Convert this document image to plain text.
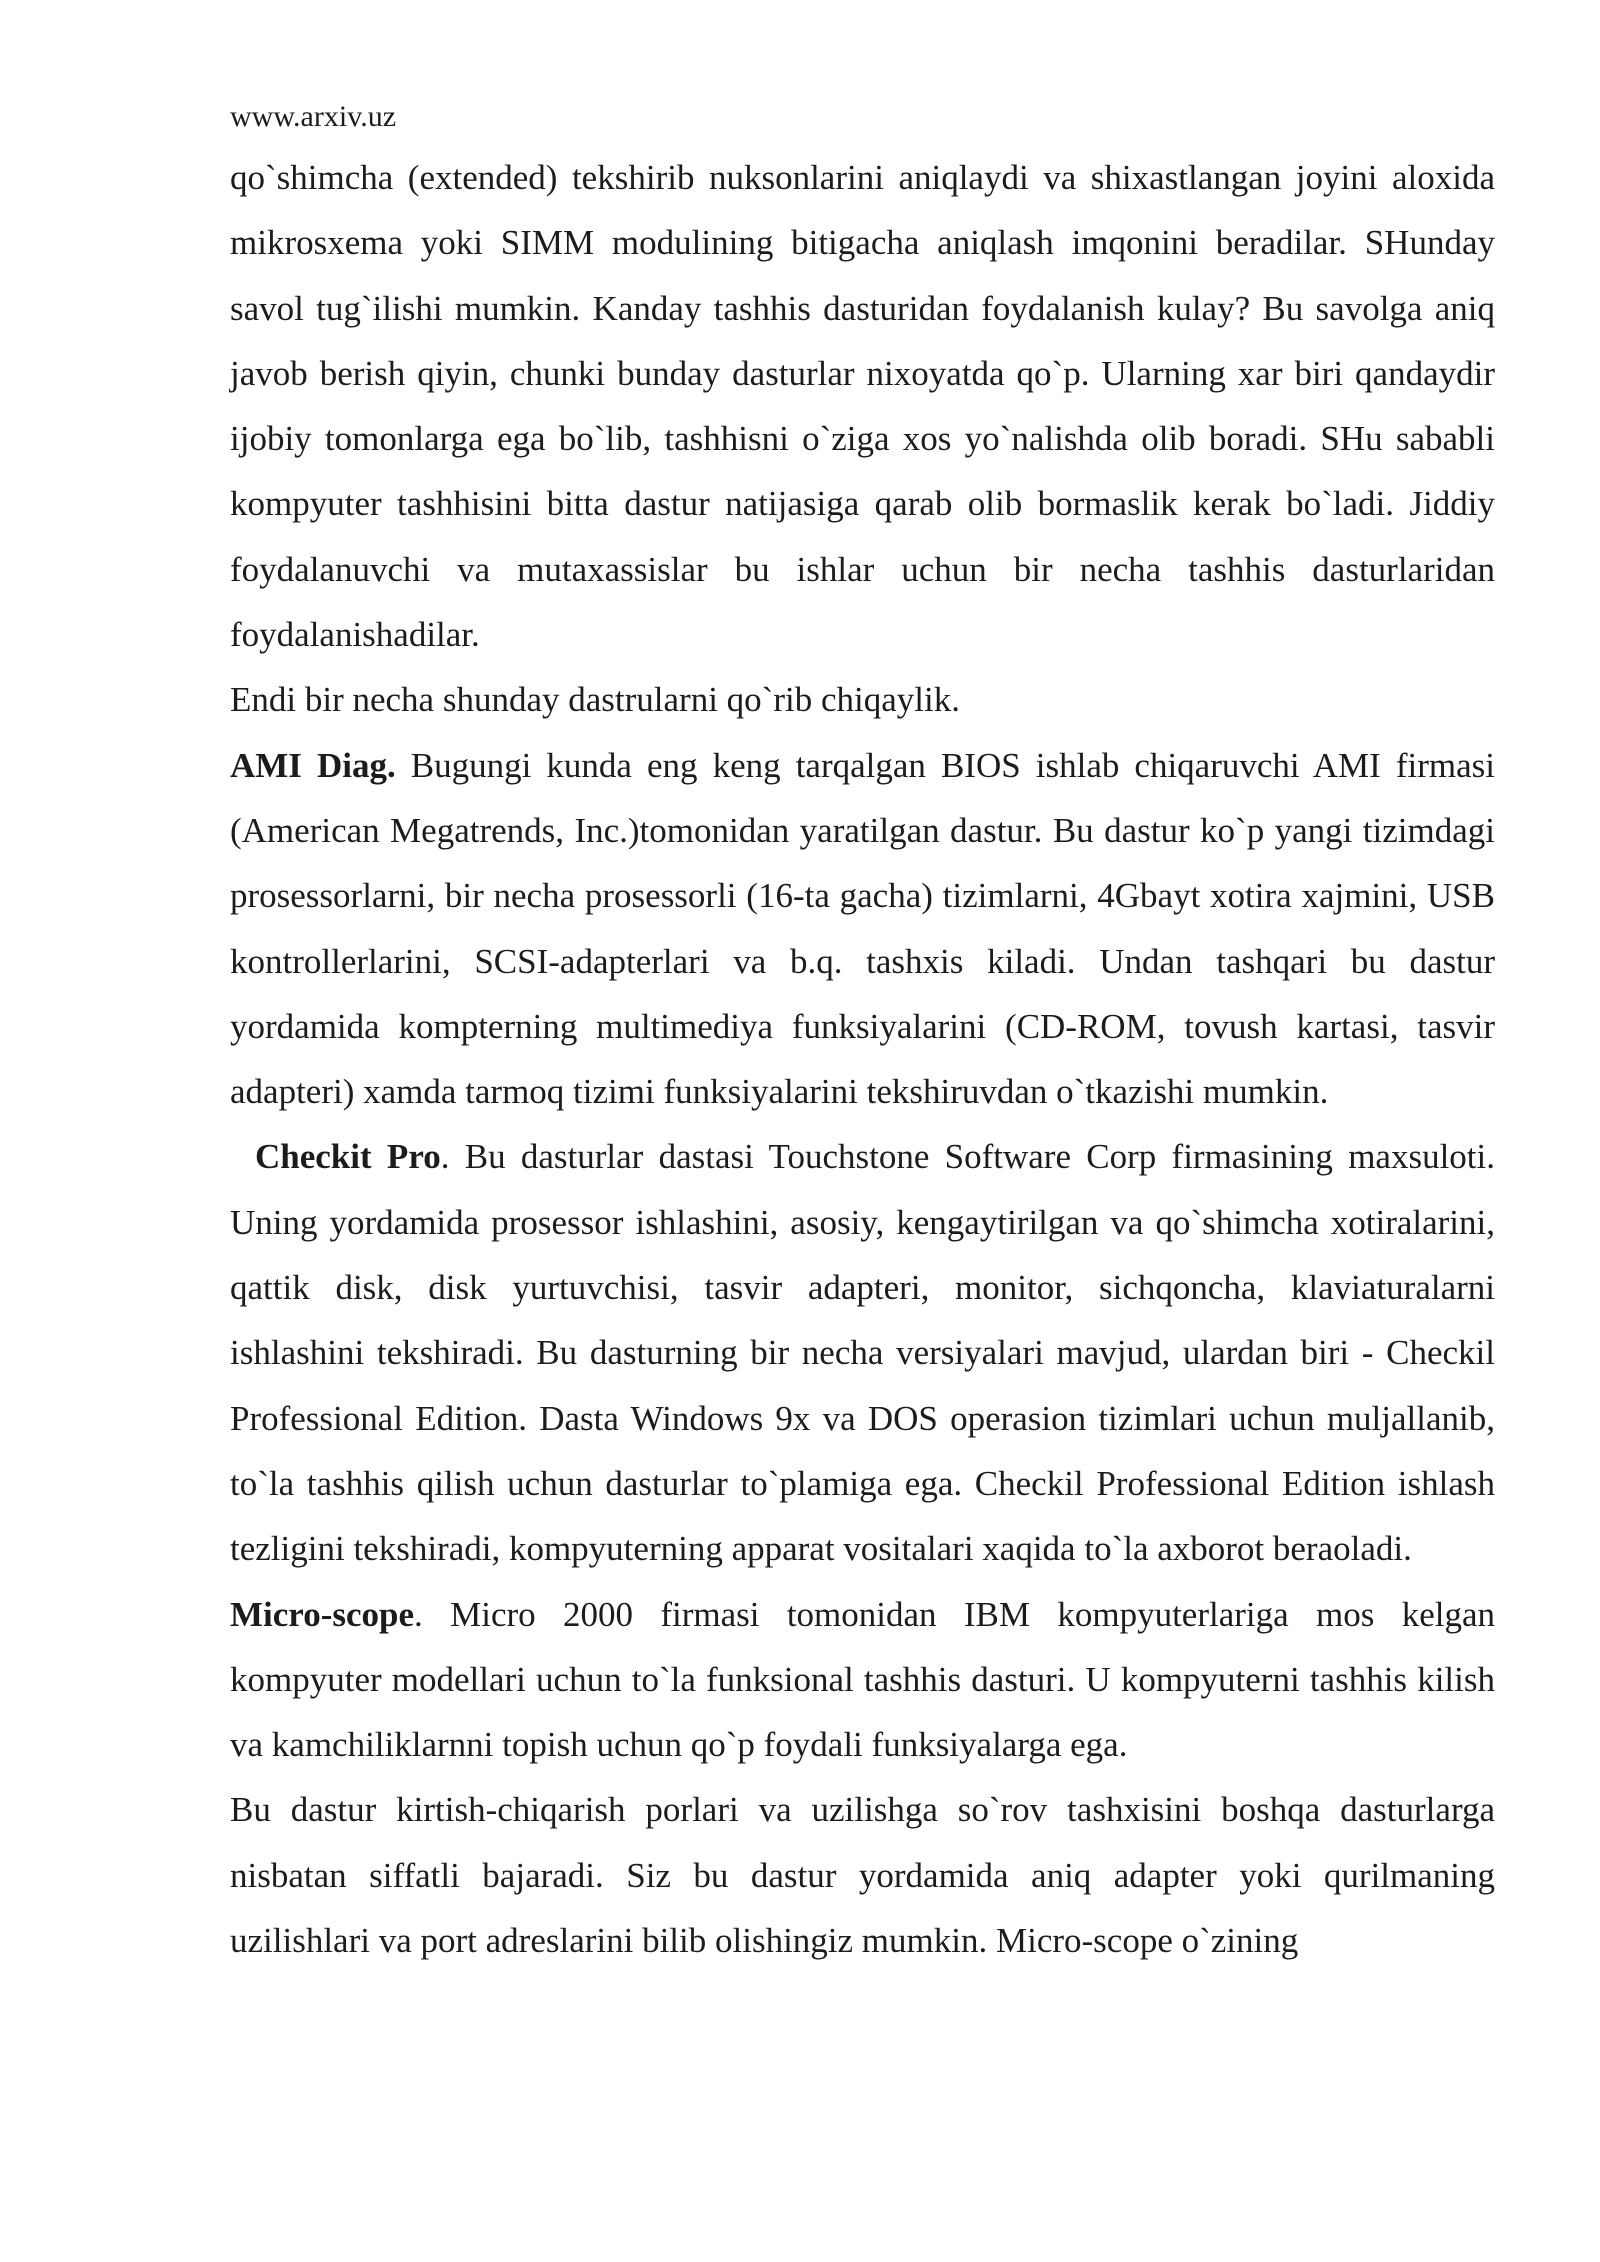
www.arxiv.uz

qo`shimcha (extended) tekshirib nuksonlarini aniqlaydi va shixastlangan joyini aloxida mikrosxema yoki SIMM modulining bitigacha aniqlash imqonini beradilar. SHunday savol tug`ilishi mumkin. Kanday tashhis dasturidan foydalanish kulay? Bu savolga aniq javob berish qiyin, chunki bunday dasturlar nixoyatda qo`p. Ularning xar biri qandaydir ijobiy tomonlarga ega bo`lib, tashhisni o`ziga xos yo`nalishda olib boradi. SHu sababli kompyuter tashhisini bitta dastur natijasiga qarab olib bormaslik kerak bo`ladi. Jiddiy foydalanuvchi va mutaxassislar bu ishlar uchun bir necha tashhis dasturlaridan foydalanishadilar.

Endi bir necha shunday dastrularni qo`rib chiqaylik.

AMI Diag. Bugungi kunda eng keng tarqalgan BIOS ishlab chiqaruvchi AMI firmasi (American Megatrends, Inc.)tomonidan yaratilgan dastur. Bu dastur ko`p yangi tizimdagi prosessorlarni, bir necha prosessorli (16-ta gacha) tizimlarni, 4Gbayt xotira xajmini, USB kontrollerlarini, SCSI-adapterlari va b.q. tashxis kiladi. Undan tashqari bu dastur yordamida kompterning multimediya funksiyalarini (CD-ROM, tovush kartasi, tasvir adapteri) xamda tarmoq tizimi funksiyalarini tekshiruvdan o`tkazishi mumkin.

Checkit Pro. Bu dasturlar dastasi Touchstone Software Corp firmasining maxsuloti. Uning yordamida prosessor ishlashini, asosiy, kengaytirilgan va qo`shimcha xotiralarini, qattik disk, disk yurtuvchisi, tasvir adapteri, monitor, sichqoncha, klaviaturalarni ishlashini tekshiradi. Bu dasturning bir necha versiyalari mavjud, ulardan biri - Checkil Professional Edition. Dasta Windows 9x va DOS operasion tizimlari uchun muljallanib, to`la tashhis qilish uchun dasturlar to`plamiga ega. Checkil Professional Edition ishlash tezligini tekshiradi, kompyuterning apparat vositalari xaqida to`la axborot beraoladi.

Micro-scope. Micro 2000 firmasi tomonidan IBM kompyuterlariga mos kelgan kompyuter modellari uchun to`la funksional tashhis dasturi. U kompyuterni tashhis kilish va kamchiliklarnni topish uchun qo`p foydali funksiyalarga ega.

Bu dastur kirtish-chiqarish porlari va uzilishga so`rov tashxisini boshqa dasturlarga nisbatan siffatli bajaradi. Siz bu dastur yordamida aniq adapter yoki qurilmaning uzilishlari va port adreslarini bilib olishingiz mumkin. Micro-scope o`zining
